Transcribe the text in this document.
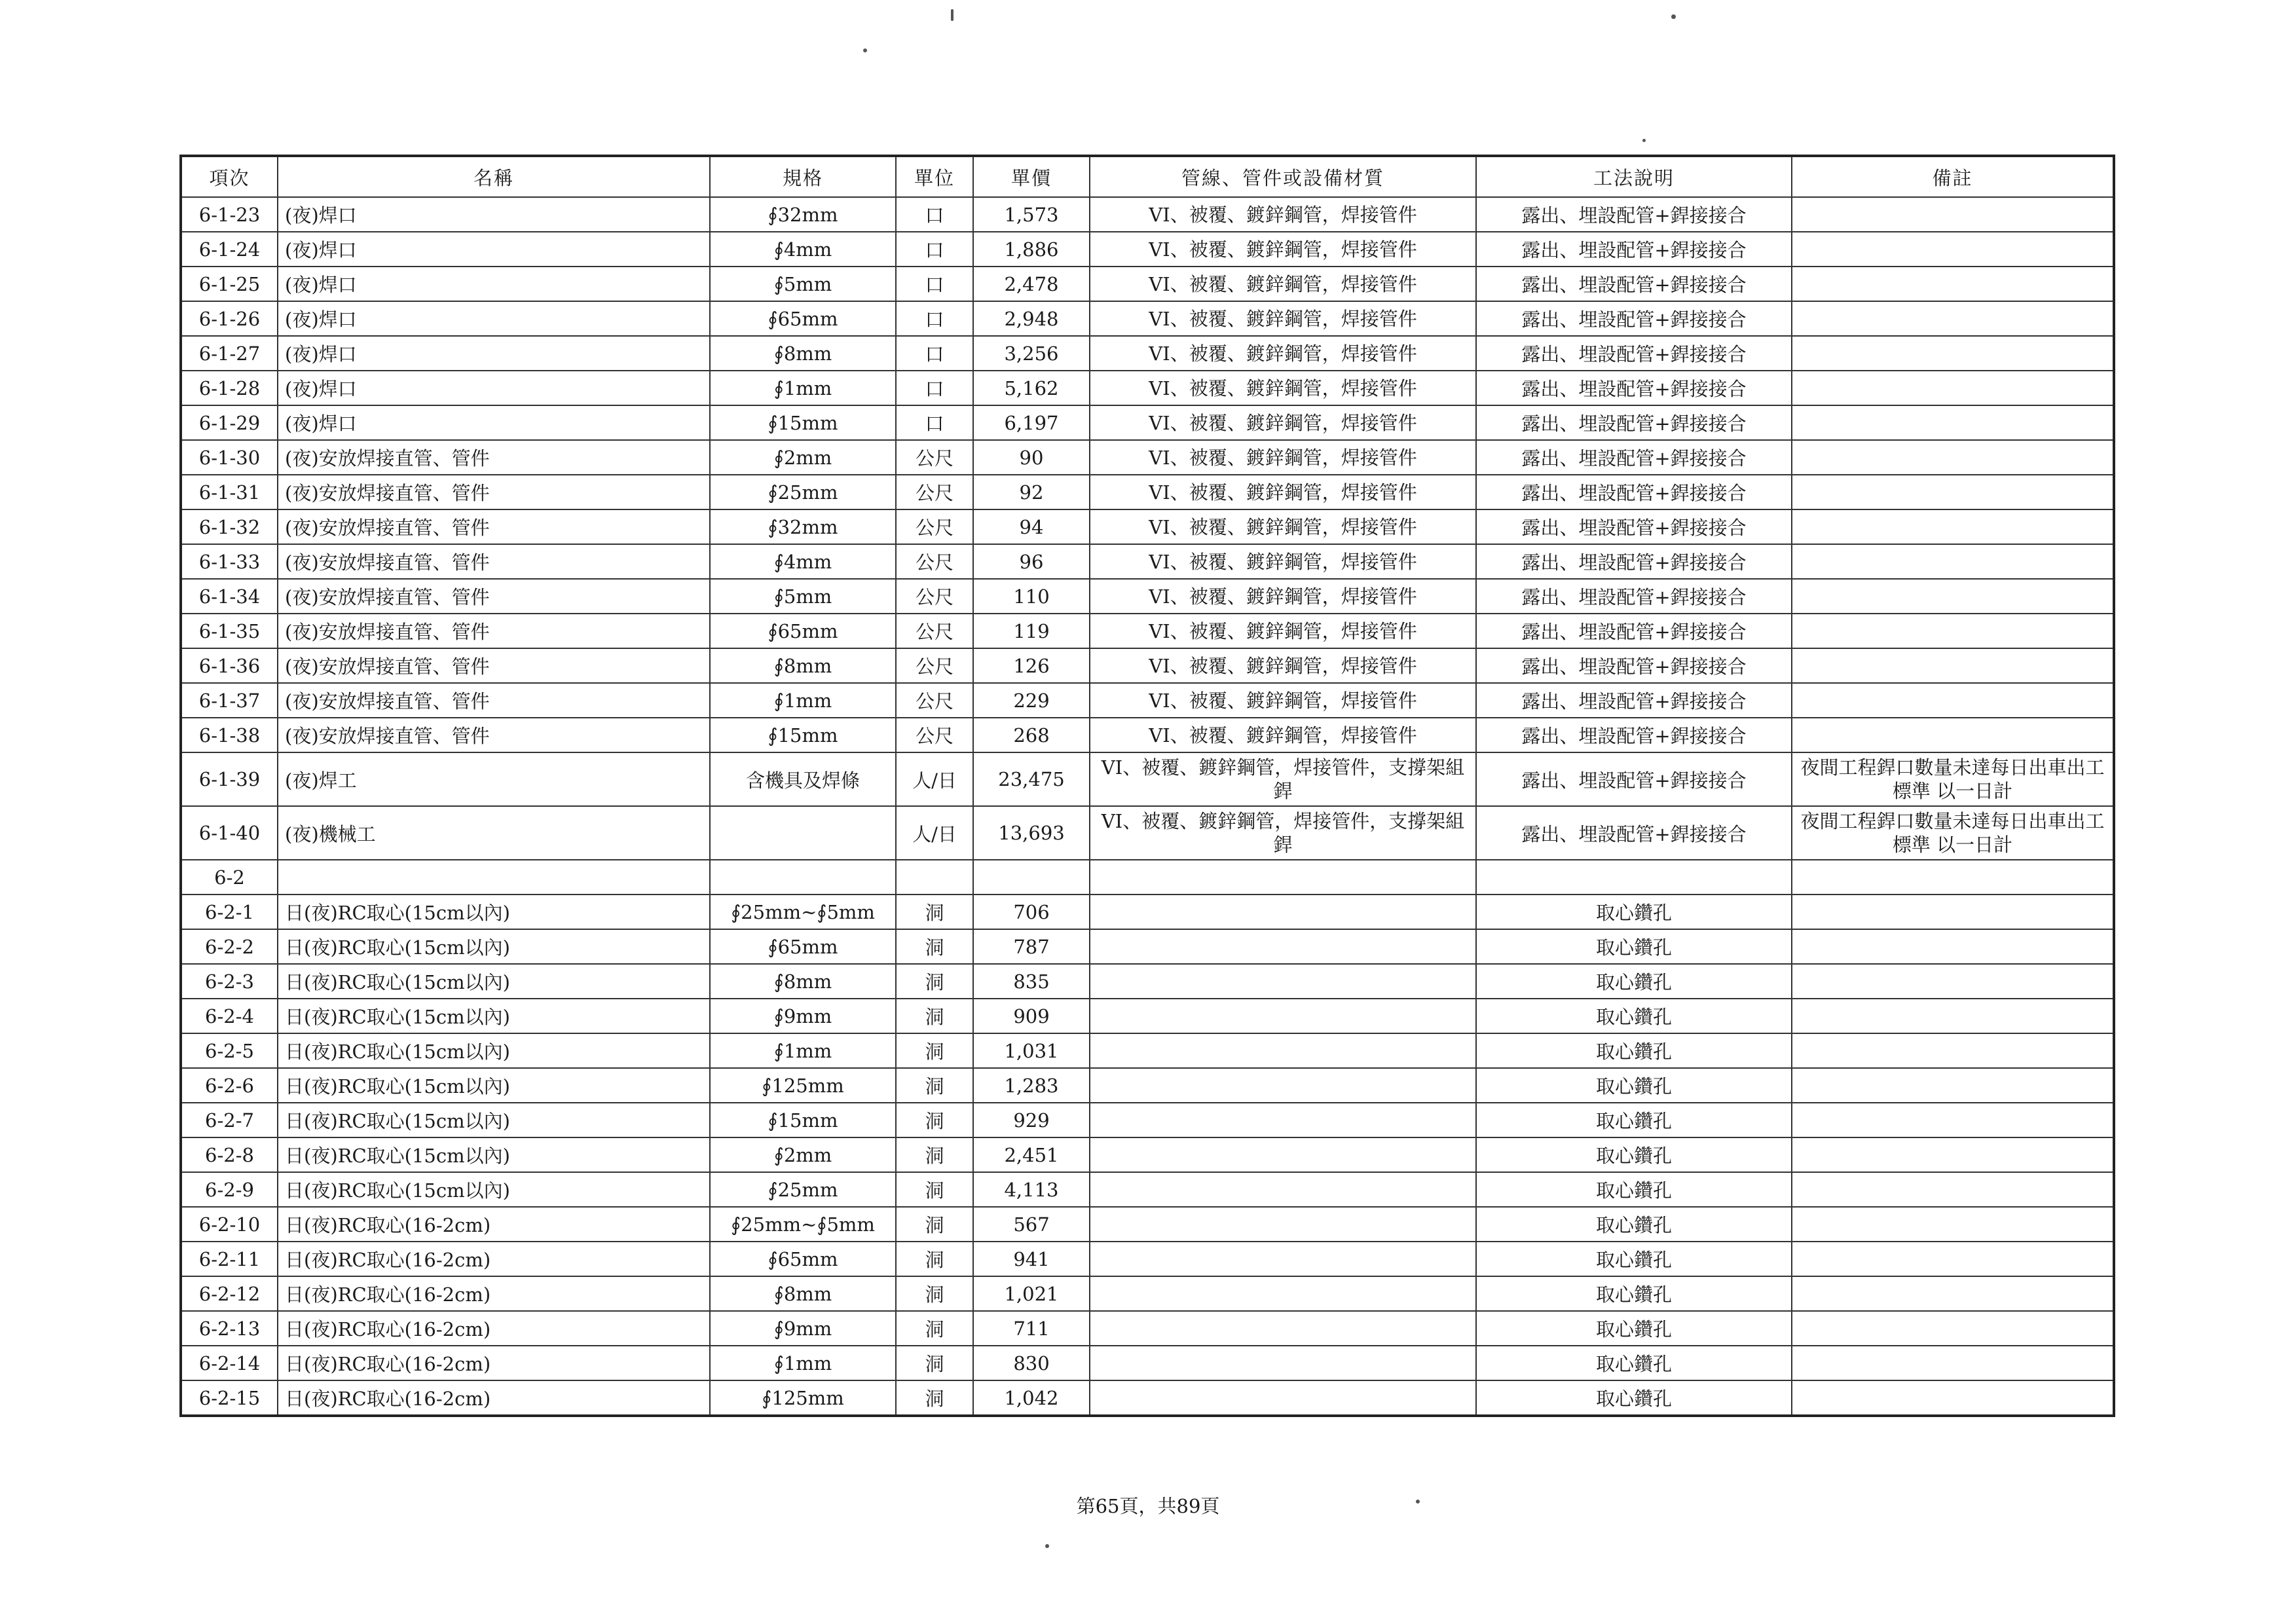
項次	名稱	規格	單位	單價	管線、管件或設備材質	工法說明	備註
6-1-23	(夜)焊口	∮32mm	口	1,573	VI、被覆、鍍鋅鋼管，焊接管件	露出、埋設配管+銲接接合	
6-1-24	(夜)焊口	∮4mm	口	1,886	VI、被覆、鍍鋅鋼管，焊接管件	露出、埋設配管+銲接接合	
6-1-25	(夜)焊口	∮5mm	口	2,478	VI、被覆、鍍鋅鋼管，焊接管件	露出、埋設配管+銲接接合	
6-1-26	(夜)焊口	∮65mm	口	2,948	VI、被覆、鍍鋅鋼管，焊接管件	露出、埋設配管+銲接接合	
6-1-27	(夜)焊口	∮8mm	口	3,256	VI、被覆、鍍鋅鋼管，焊接管件	露出、埋設配管+銲接接合	
6-1-28	(夜)焊口	∮1mm	口	5,162	VI、被覆、鍍鋅鋼管，焊接管件	露出、埋設配管+銲接接合	
6-1-29	(夜)焊口	∮15mm	口	6,197	VI、被覆、鍍鋅鋼管，焊接管件	露出、埋設配管+銲接接合	
6-1-30	(夜)安放焊接直管、管件	∮2mm	公尺	90	VI、被覆、鍍鋅鋼管，焊接管件	露出、埋設配管+銲接接合	
6-1-31	(夜)安放焊接直管、管件	∮25mm	公尺	92	VI、被覆、鍍鋅鋼管，焊接管件	露出、埋設配管+銲接接合	
6-1-32	(夜)安放焊接直管、管件	∮32mm	公尺	94	VI、被覆、鍍鋅鋼管，焊接管件	露出、埋設配管+銲接接合	
6-1-33	(夜)安放焊接直管、管件	∮4mm	公尺	96	VI、被覆、鍍鋅鋼管，焊接管件	露出、埋設配管+銲接接合	
6-1-34	(夜)安放焊接直管、管件	∮5mm	公尺	110	VI、被覆、鍍鋅鋼管，焊接管件	露出、埋設配管+銲接接合	
6-1-35	(夜)安放焊接直管、管件	∮65mm	公尺	119	VI、被覆、鍍鋅鋼管，焊接管件	露出、埋設配管+銲接接合	
6-1-36	(夜)安放焊接直管、管件	∮8mm	公尺	126	VI、被覆、鍍鋅鋼管，焊接管件	露出、埋設配管+銲接接合	
6-1-37	(夜)安放焊接直管、管件	∮1mm	公尺	229	VI、被覆、鍍鋅鋼管，焊接管件	露出、埋設配管+銲接接合	
6-1-38	(夜)安放焊接直管、管件	∮15mm	公尺	268	VI、被覆、鍍鋅鋼管，焊接管件	露出、埋設配管+銲接接合	
6-1-39	(夜)焊工	含機具及焊條	人/日	23,475	VI、被覆、鍍鋅鋼管，焊接管件，支撐架組銲	露出、埋設配管+銲接接合	夜間工程銲口數量未達每日出車出工標準 以一日計
6-1-40	(夜)機械工		人/日	13,693	VI、被覆、鍍鋅鋼管，焊接管件，支撐架組銲	露出、埋設配管+銲接接合	夜間工程銲口數量未達每日出車出工標準 以一日計
6-2							
6-2-1	日(夜)RC取心(15cm以內)	∮25mm~∮5mm	洞	706		取心鑽孔	
6-2-2	日(夜)RC取心(15cm以內)	∮65mm	洞	787		取心鑽孔	
6-2-3	日(夜)RC取心(15cm以內)	∮8mm	洞	835		取心鑽孔	
6-2-4	日(夜)RC取心(15cm以內)	∮9mm	洞	909		取心鑽孔	
6-2-5	日(夜)RC取心(15cm以內)	∮1mm	洞	1,031		取心鑽孔	
6-2-6	日(夜)RC取心(15cm以內)	∮125mm	洞	1,283		取心鑽孔	
6-2-7	日(夜)RC取心(15cm以內)	∮15mm	洞	929		取心鑽孔	
6-2-8	日(夜)RC取心(15cm以內)	∮2mm	洞	2,451		取心鑽孔	
6-2-9	日(夜)RC取心(15cm以內)	∮25mm	洞	4,113		取心鑽孔	
6-2-10	日(夜)RC取心(16-2cm)	∮25mm~∮5mm	洞	567		取心鑽孔	
6-2-11	日(夜)RC取心(16-2cm)	∮65mm	洞	941		取心鑽孔	
6-2-12	日(夜)RC取心(16-2cm)	∮8mm	洞	1,021		取心鑽孔	
6-2-13	日(夜)RC取心(16-2cm)	∮9mm	洞	711		取心鑽孔	
6-2-14	日(夜)RC取心(16-2cm)	∮1mm	洞	830		取心鑽孔	
6-2-15	日(夜)RC取心(16-2cm)	∮125mm	洞	1,042		取心鑽孔	
第65頁，共89頁
